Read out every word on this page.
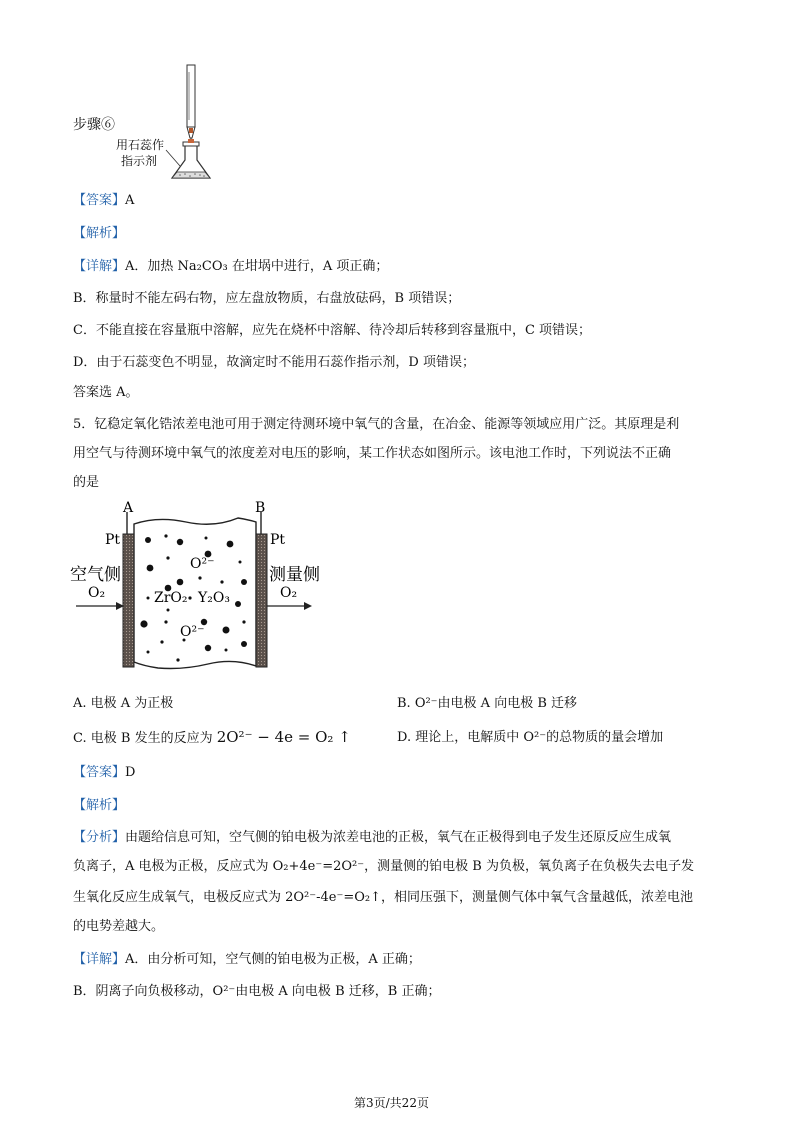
步骤⑥
用石蕊作
指示剂
【答案】A
【解析】
【详解】A．加热 Na₂CO₃ 在坩埚中进行，A 项正确；
B．称量时不能左码右物，应左盘放物质，右盘放砝码，B 项错误；
C．不能直接在容量瓶中溶解，应先在烧杯中溶解、待冷却后转移到容量瓶中，C 项错误；
D．由于石蕊变色不明显，故滴定时不能用石蕊作指示剂，D 项错误；
答案选 A。
5．钇稳定氧化锆浓差电池可用于测定待测环境中氧气的含量，在冶金、能源等领域应用广泛。其原理是利
用空气与待测环境中氧气的浓度差对电压的影响，某工作状态如图所示。该电池工作时，下列说法不正确
的是
A	B
Pt	Pt
O²⁻
ZrO₂ Y₂O₃
O²⁻
空气侧	测量侧
O₂	O₂
A. 电极 A 为正极	B. O²⁻由电极 A 向电极 B 迁移
C. 电极 B 发生的反应为 2O²⁻ − 4e = O₂ ↑	D. 理论上，电解质中 O²⁻的总物质的量会增加
【答案】D
【解析】
【分析】由题给信息可知，空气侧的铂电极为浓差电池的正极，氧气在正极得到电子发生还原反应生成氧
负离子，A 电极为正极，反应式为 O₂+4e⁻=2O²⁻，测量侧的铂电极 B 为负极，氧负离子在负极失去电子发
生氧化反应生成氧气，电极反应式为 2O²⁻-4e⁻=O₂↑，相同压强下，测量侧气体中氧气含量越低，浓差电池
的电势差越大。
【详解】A．由分析可知，空气侧的铂电极为正极，A 正确；
B．阴离子向负极移动，O²⁻由电极 A 向电极 B 迁移，B 正确；
第3页/共22页
